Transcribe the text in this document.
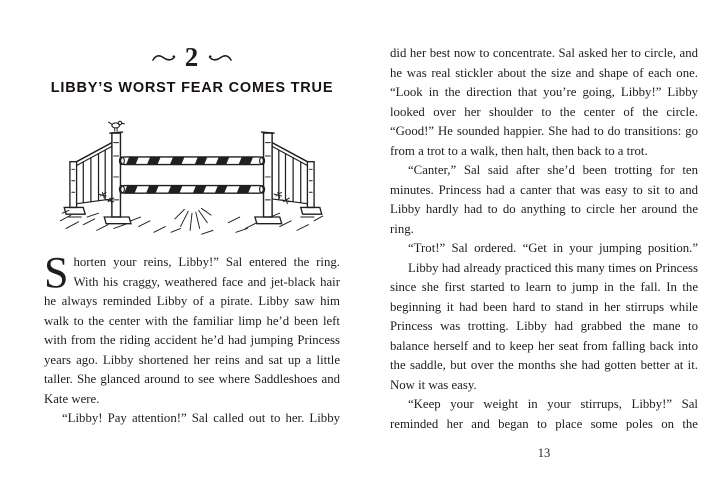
2
LIBBY’S WORST FEAR COMES TRUE

Shorten your reins, Libby!” Sal entered the ring. With his craggy, weathered face and jet-black hair he always reminded Libby of a pirate. Libby saw him walk to the center with the familiar limp he’d been left with from the riding accident he’d had jumping Princess years ago. Libby shortened her reins and sat up a little taller. She glanced around to see where Saddleshoes and Kate were.

“Libby! Pay attention!” Sal called out to her. Libby

did her best now to concentrate. Sal asked her to circle, and he was real stickler about the size and shape of each one. “Look in the direction that you’re going, Libby!” Libby looked over her shoulder to the center of the circle. “Good!” He sounded happier. She had to do transitions: go from a trot to a walk, then halt, then back to a trot.

“Canter,” Sal said after she’d been trotting for ten minutes. Princess had a canter that was easy to sit to and Libby hardly had to do anything to circle her around the ring.

“Trot!” Sal ordered. “Get in your jumping position.”

Libby had already practiced this many times on Princess since she first started to learn to jump in the fall. In the beginning it had been hard to stand in her stirrups while Princess was trotting. Libby had grabbed the mane to balance herself and to keep her seat from falling back into the saddle, but over the months she had gotten better at it. Now it was easy.

“Keep your weight in your stirrups, Libby!” Sal reminded her and began to place some poles on the

13
